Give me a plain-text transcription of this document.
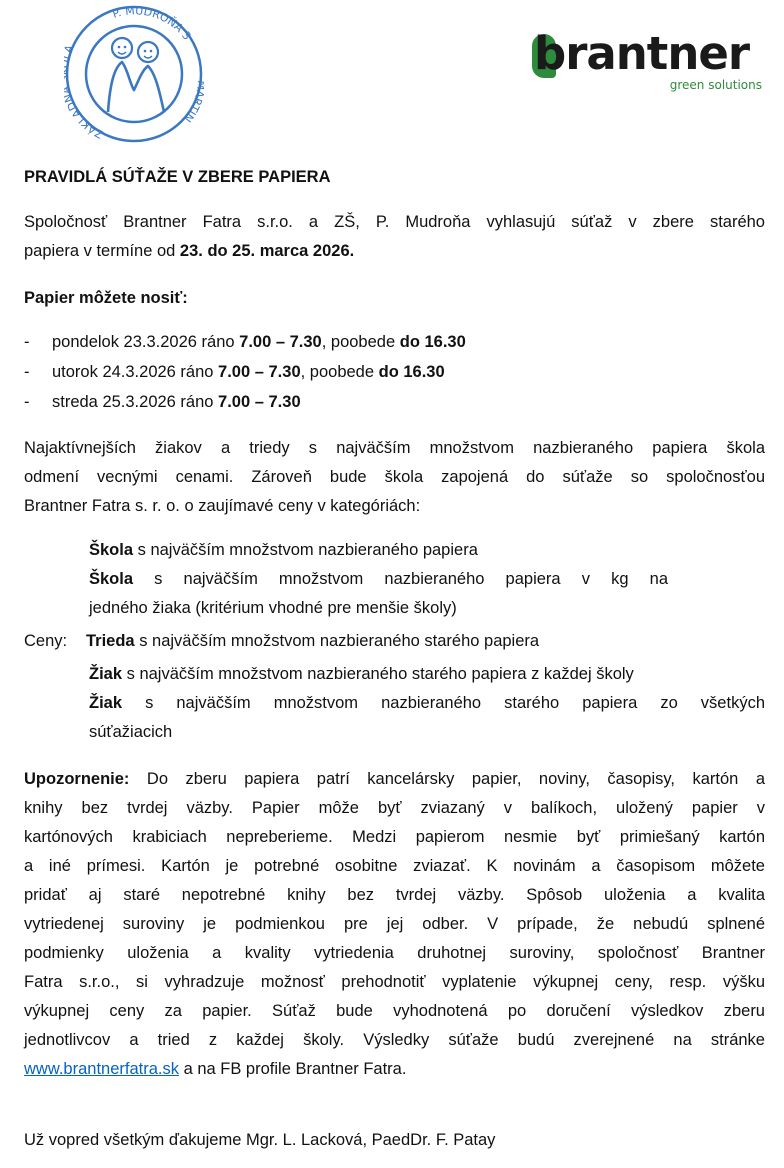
ZÁKLAD
P. MUDROŇA 3
RTIN
brantner
green solutions
PRAVIDLÁ SÚŤAŽE V ZBERE PAPIERA
Spoločnosť Brantner Fatra s.r.o. a ZŠ, P. Mudroňa vyhlasujú súťaž v zbere starého
papiera v termíne od 23. do 25. marca 2026.
Papier môžete nosiť:
- pondelok 23.3.2026 ráno 7.00 – 7.30, poobede do 16.30
- utorok 24.3.2026 ráno 7.00 – 7.30, poobede do 16.30
- streda 25.3.2026 ráno 7.00 – 7.30
Najaktívnejších žiakov a triedy s najväčším množstvom nazbieraného papiera škola
odmení vecnými cenami. Zároveň bude škola zapojená do súťaže so spoločnosťou
Brantner Fatra s. r. o. o zaujímavé ceny v kategóriách:
Škola s najväčším množstvom nazbieraného papiera
Škola s najväčším množstvom nazbieraného papiera v kg na
jedného žiaka (kritérium vhodné pre menšie školy)
Ceny: Trieda s najväčším množstvom nazbieraného starého papiera
Žiak s najväčším množstvom nazbieraného starého papiera z každej školy
Žiak s najväčším množstvom nazbieraného starého papiera zo všetkých
súťažiacich
Upozornenie: Do zberu papiera patrí kancelársky papier, noviny, časopisy, kartón a
knihy bez tvrdej väzby. Papier môže byť zviazaný v balíkoch, uložený papier v
kartónových krabiciach nepreberieme. Medzi papierom nesmie byť primiešaný kartón
a iné prímesi. Kartón je potrebné osobitne zviazať. K novinám a časopisom môžete
pridať aj staré nepotrebné knihy bez tvrdej väzby. Spôsob uloženia a kvalita
vytriedenej suroviny je podmienkou pre jej odber. V prípade, že nebudú splnené
podmienky uloženia a kvality vytriedenia druhotnej suroviny, spoločnosť Brantner
Fatra s.r.o., si vyhradzuje možnosť prehodnotiť vyplatenie výkupnej ceny, resp. výšku
výkupnej ceny za papier. Súťaž bude vyhodnotená po doručení výsledkov zberu
jednotlivcov a tried z každej školy. Výsledky súťaže budú zverejnené na stránke
www.brantnerfatra.sk a na FB profile Brantner Fatra.
Už vopred všetkým ďakujeme Mgr. L. Lacková, PaedDr. F. Patay
